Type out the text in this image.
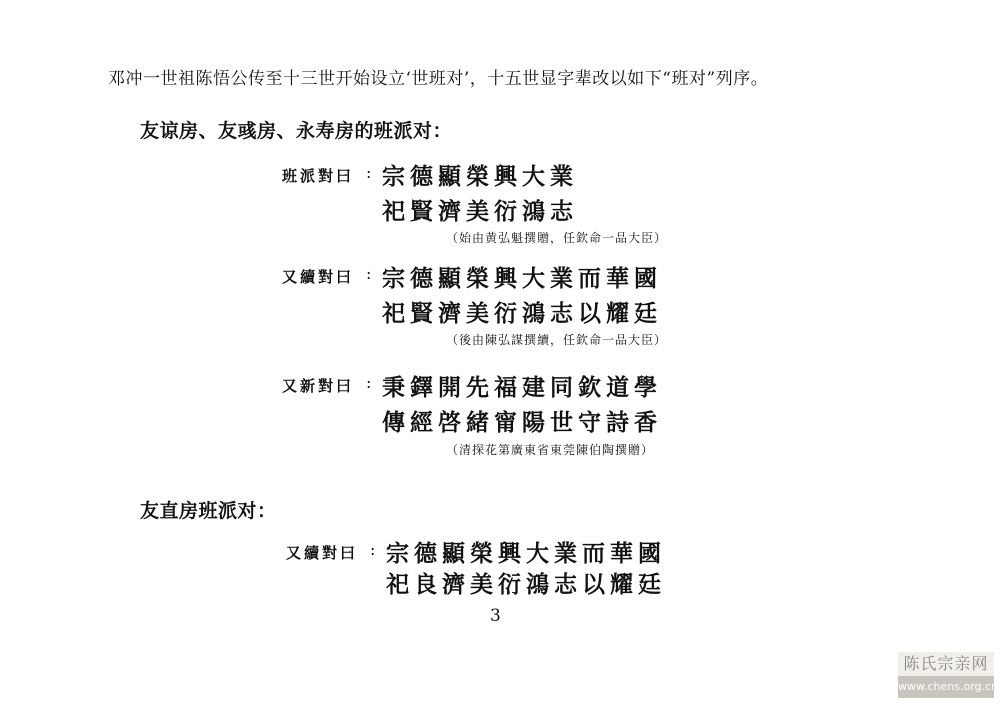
邓冲一世祖陈悟公传至十三世开始设立‘世班对’，十五世显字辈改以如下“班对”列序。
友谅房、友彧房、永寿房的班派对：
班派對曰 : 宗德顯榮興大業
祀賢濟美衍鴻志
（始由黄弘魁撰贈，任欽命一品大臣）
又續對曰 : 宗德顯榮興大業而華國
祀賢濟美衍鴻志以耀廷
（後由陳弘謀撰續，任欽命一品大臣）
又新對曰 : 秉鐸開先福建同欽道學
傳經啓緒甯陽世守詩香
（清探花第廣東省東莞陳伯陶撰贈）
友直房班派对：
又續對曰 : 宗德顯榮興大業而華國
祀良濟美衍鴻志以耀廷
3
陈氏宗亲网
www.chens.org.cn
